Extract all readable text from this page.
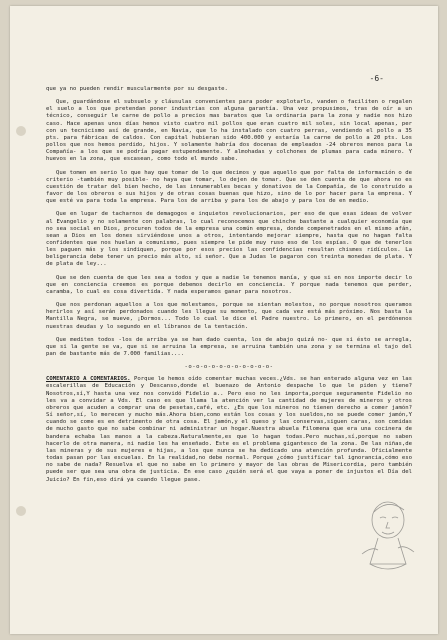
-6-

que ya no pueden rendir muscularmente por su desgaste.

Que, guardándose el subsuelo y cláusulas convenientes para poder explotarlo, vanden o faciliten o regalen el suelo a los que pretendan poner industrias con alguna garantía. Una vez propusimos, tras de oír a un técnico, conseguir le carne de pollo a precios mas baratos que la ordinaria para la zona y nadie nos hizo caso. Hace apenas unos días hemos visto cuatro mil pollos que eran cuatro mil soles, sin local apenas, per con un tecnicismo así de grande, en Navia, que lo ha instalado con cuatro perras, vendiendo el pollo a 35 pts. para fábricas de caldos. Con capital hubieran sido 400.000 y estaría la carne de pollo a 20 pts. Los pollos que nos hemos perdido, hijos. Y solamente habría dos docenas de empleados -24 obreros menos para la Compañía- a los que se podría pagar estupendamente. Y almohadas y colchones de plumas para cada minero. Y huevos en la zona, que escasean, como todo el mundo sabe.

Que tomen en serio lo que hay que tomar de lo que decimos y que aquello que por falta de información o de criterio -también muy posible- no haya que tomar, lo dejen de tomar. Que se den cuenta de que ahora no es cuestión de tratar del bien hecho, de las innumerables becas y donativos de la Compañía, de lo construído a favor de los obreros o sus hijos y de otras cosas buenas que hizo, sino de lo por hacer para la empresa. Y que esté va para toda la empresa. Para los de arriba y para los de abajo y para los de en medio.

Que en lugar de tacharnos de demagogos e inquietos revolucionarios, per eso de que esas ideas de volver al Evangelio y no solamente con palabras, lo cual reconocemos que chinche bastante a cualquier economía que no sea social en Dios, procuren todos de la empresa una común empresa, donde compenetrados en el mismo afán, sean a Dios en los dones sirviéndose unos a otros, intentando mejorar siempre, hasta que no hagan falta confidentes que nos huelan a comunismo, pues siempre le pide muy ruso eso de los espías. O que de tenerlos les paguen más y los sindiquen, porque por esos precios las confidencias resultan chismes ridículos. La beligerancia debe tener un precio más alto, sí señor. Que a Judas le pagaron con treinta monedas de plata. Y de plata de ley...

Que se den cuenta de que les sea a todos y que a nadie le tenemos manía, y que si en nos importe decir lo que en conciencia creemos es porque debemos decirlo en conciencia. Y porque nada tenemos que perder, caramba, lo cual es cosa divertida. Y nada esperamos ganar para nosotros.

Que nos perdonan aquellos a los que molestamos, porque se sientan molestos, no porque nosotros queramos herirlos y así serán perdonados cuando les llegue su momento, que cada vez está más próximo. Nos basta la Mantilla Negra, se mueve, ¡Dormos... Todo lo cual le dice el Padre nuestro. Lo primero, en el perdónenos nuestras deudas y lo segundo en el líbranos de la tentación.

Que mediten todos -los de arriba ya se han dado cuenta, los de abajo quizá no- que si ésto se arregla, que si la gente se va, que si se arruina la empresa, se arruina también una zona y se termina el tajo del pan de bastante más de 7.000 familias....

-o-o-o-o-o-o-o-o-o-o-o-

COMENTARIO A COMENTARIOS. Porque le hemos oído comentar muchas veces.¿Vds. se han enterado alguna vez en las escalerillas de Educación y Descanso,donde el buenazo de Antonio despache lo que le piden y tiene? Nosotros,sí,Y hasta una vez nos convidó Fidelio a.. Pero eso no les importa,porque seguramente Fidelio no les va a convidar a Vds. El caso es que llama la atención ver la cantidad de mujeres de mineros y otros obreros que acuden a comprar una de pesetas,café, etc. ¿Es que los mineros no tienen derecho a comer jamón? Sí señor,sí, lo merecen y mucho más.Ahora bien,como están los cosas y los sueldos,no se puede comer jamón,Y cuando se come es en detrimento de otra cosa. El jamón,y el queso y las conservas,siguen caras, son comidas de mucho gasto que no sabe combinar ni administrar un hogar.Nuestra abuela Filomena que era una cocinera de bandera echaba las manos a la cabeza.Naturalmente,es que lo hagan todas.Pero muchas,sí,porque no saben hacerlo de otra manera, ni nadie les ha enseñado. Este es el problema gigantesco de la zona. De las niñas,de las mineras y de sus mujeres e hijas, a los que nunca se ha dedicado una atención profunda. Oficialmente todas pasan por las escuelas. En la realidad,no debe normal. Porque ¿cómo justificar tal ignorancia,cómo eso no sabe de nada? Resuelva el que no sabe en lo primero y mayor de las obras de Misericordia, pero también puede ser que sea una obra de justicia. En ese caso ¿quién será el que vaya a poner de injustos el Día del Juicio? En fin,eso dirá ya cuando llegue pase.
